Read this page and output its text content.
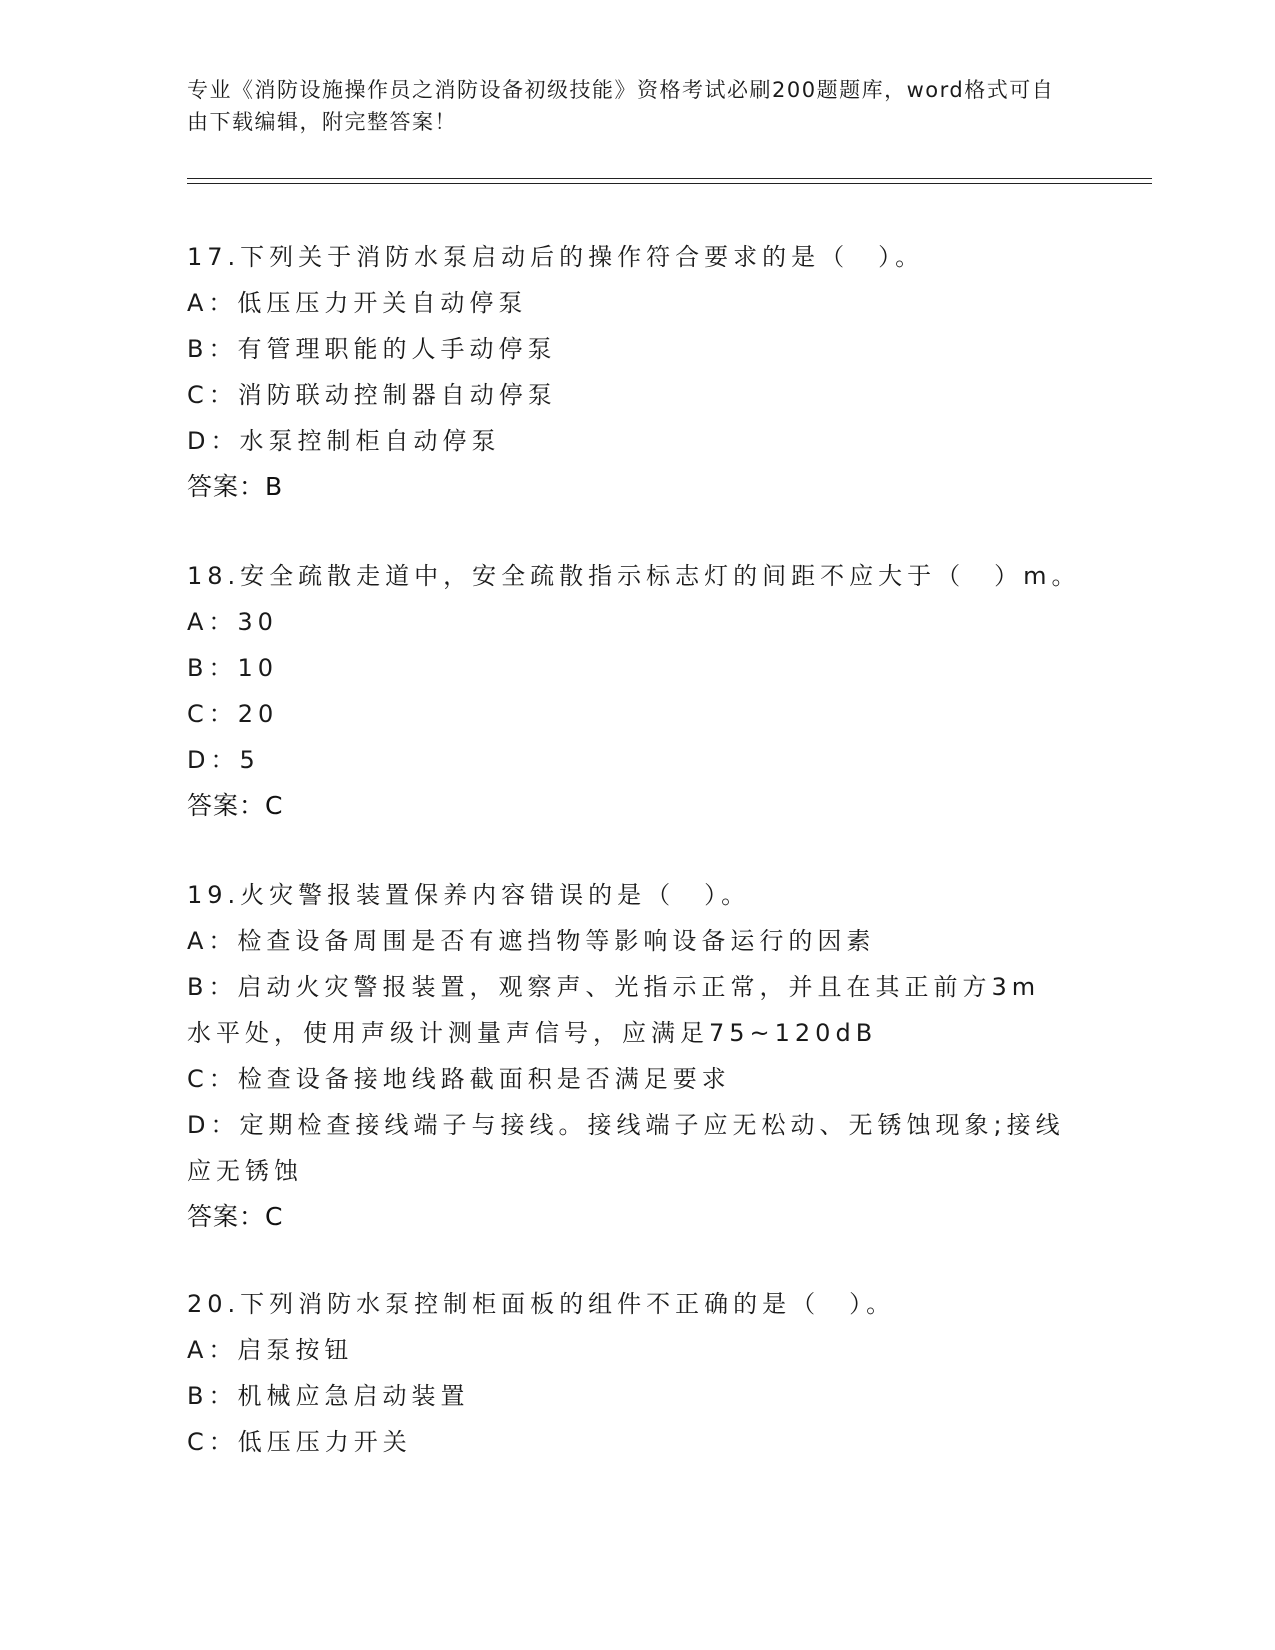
专业《消防设施操作员之消防设备初级技能》资格考试必刷200题题库，word格式可自由下载编辑，附完整答案！
17.下列关于消防水泵启动后的操作符合要求的是（　）。
A：低压压力开关自动停泵
B：有管理职能的人手动停泵
C：消防联动控制器自动停泵
D：水泵控制柜自动停泵
答案：B
18.安全疏散走道中，安全疏散指示标志灯的间距不应大于（　）m。
A：30
B：10
C：20
D：5
答案：C
19.火灾警报装置保养内容错误的是（　）。
A：检查设备周围是否有遮挡物等影响设备运行的因素
B：启动火灾警报装置，观察声、光指示正常，并且在其正前方3m水平处，使用声级计测量声信号，应满足75~120dB
C：检查设备接地线路截面积是否满足要求
D：定期检查接线端子与接线。接线端子应无松动、无锈蚀现象;接线应无锈蚀
答案：C
20.下列消防水泵控制柜面板的组件不正确的是（　）。
A：启泵按钮
B：机械应急启动装置
C：低压压力开关
